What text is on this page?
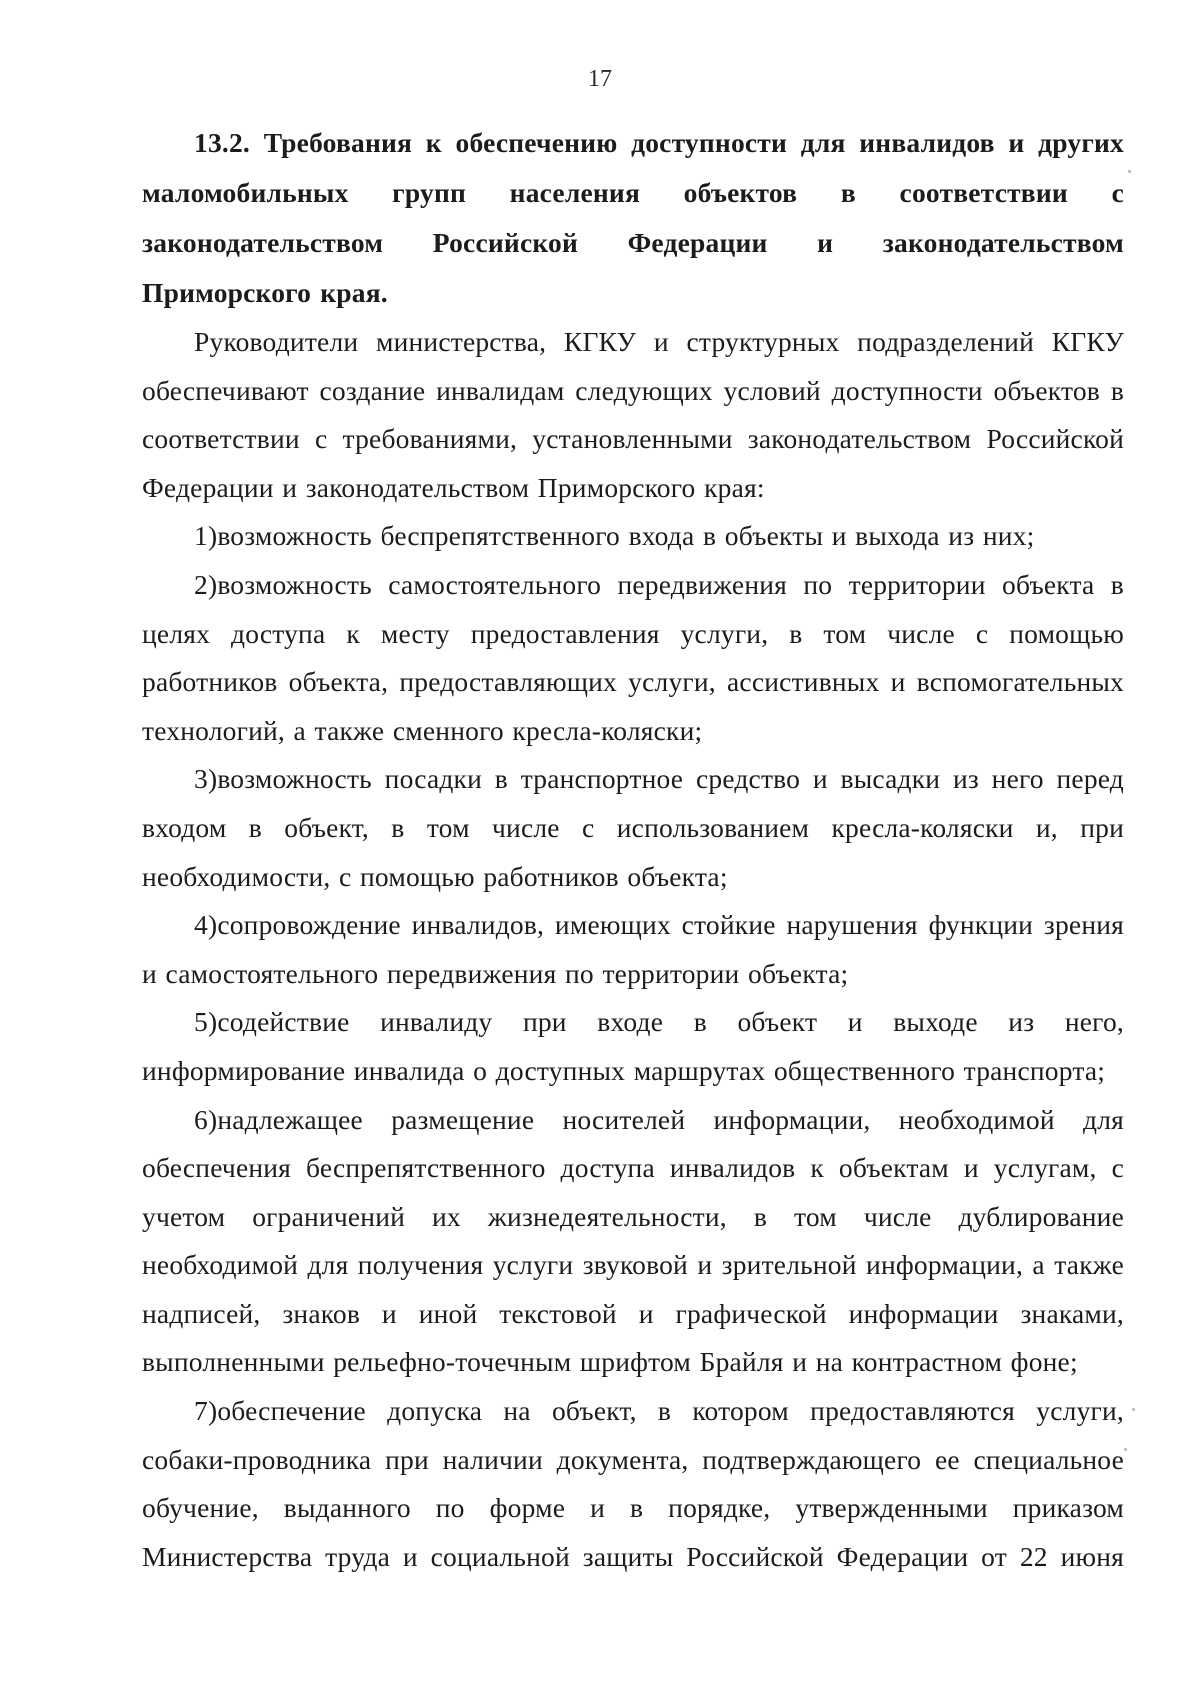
17

13.2. Требования к обеспечению доступности для инвалидов и других маломобильных групп населения объектов в соответствии с законодательством Российской Федерации и законодательством Приморского края.

Руководители министерства, КГКУ и структурных подразделений КГКУ обеспечивают создание инвалидам следующих условий доступности объектов в соответствии с требованиями, установленными законодательством Российской Федерации и законодательством Приморского края:

1)возможность беспрепятственного входа в объекты и выхода из них;

2)возможность самостоятельного передвижения по территории объекта в целях доступа к месту предоставления услуги, в том числе с помощью работников объекта, предоставляющих услуги, ассистивных и вспомогательных технологий, а также сменного кресла-коляски;

3)возможность посадки в транспортное средство и высадки из него перед входом в объект, в том числе с использованием кресла-коляски и, при необходимости, с помощью работников объекта;

4)сопровождение инвалидов, имеющих стойкие нарушения функции зрения и самостоятельного передвижения по территории объекта;

5)содействие инвалиду при входе в объект и выходе из него, информирование инвалида о доступных маршрутах общественного транспорта;

6)надлежащее размещение носителей информации, необходимой для обеспечения беспрепятственного доступа инвалидов к объектам и услугам, с учетом ограничений их жизнедеятельности, в том числе дублирование необходимой для получения услуги звуковой и зрительной информации, а также надписей, знаков и иной текстовой и графической информации знаками, выполненными рельефно-точечным шрифтом Брайля и на контрастном фоне;

7)обеспечение допуска на объект, в котором предоставляются услуги, собаки-проводника при наличии документа, подтверждающего ее специальное обучение, выданного по форме и в порядке, утвержденными приказом Министерства труда и социальной защиты Российской Федерации от 22 июня
